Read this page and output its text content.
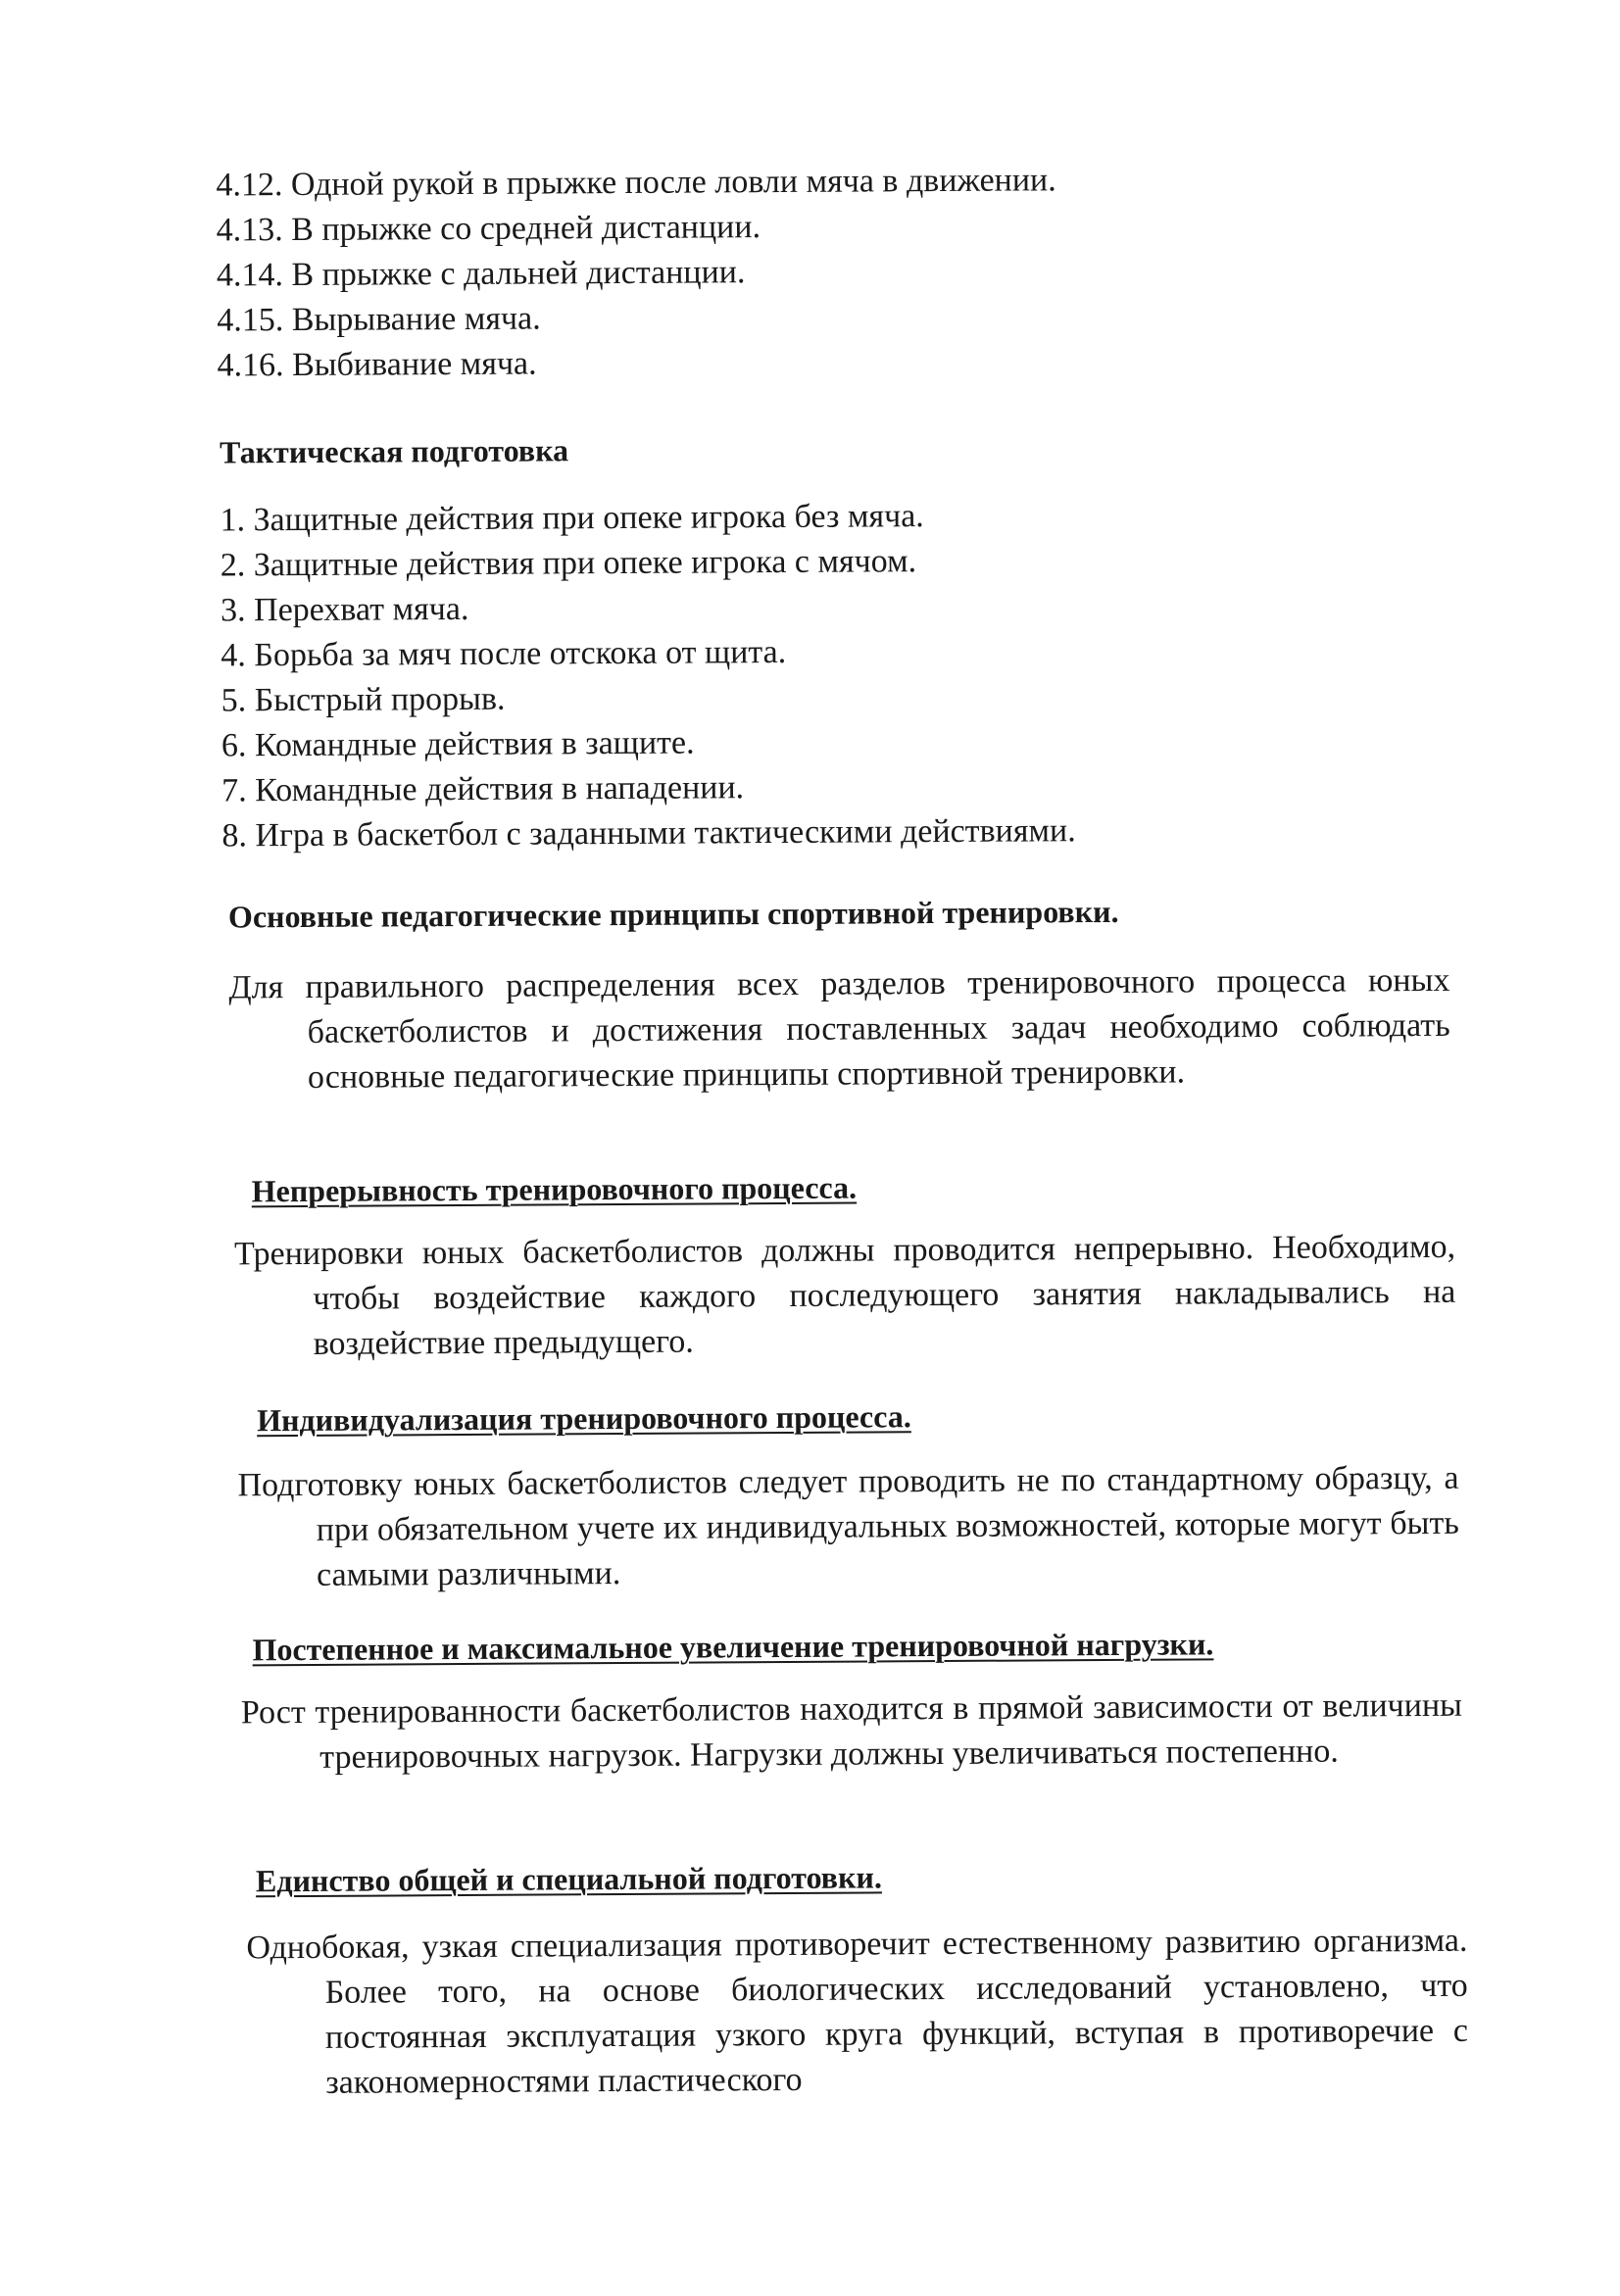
4.12. Одной рукой в прыжке после ловли мяча в движении.
4.13. В прыжке со средней дистанции.
4.14. В прыжке с дальней дистанции.
4.15. Вырывание мяча.
4.16. Выбивание мяча.
Тактическая подготовка
1. Защитные действия при опеке игрока без мяча.
2. Защитные действия при опеке игрока с мячом.
3. Перехват мяча.
4. Борьба за мяч после отскока от щита.
5. Быстрый прорыв.
6. Командные действия в защите.
7. Командные действия в нападении.
8. Игра в баскетбол с заданными тактическими действиями.
Основные педагогические принципы спортивной тренировки.

Для правильного распределения всех разделов тренировочного процесса юных баскетболистов и достижения поставленных задач необходимо соблюдать основные педагогические принципы спортивной тренировки.

Непрерывность тренировочного процесса.

Тренировки юных баскетболистов должны проводится непрерывно. Необходимо, чтобы воздействие каждого последующего занятия накладывались на воздействие предыдущего.

Индивидуализация тренировочного процесса.

Подготовку юных баскетболистов следует проводить не по стандартному образцу, а при обязательном учете их индивидуальных возможностей, которые могут быть самыми различными.

Постепенное и максимальное увеличение тренировочной нагрузки.

Рост тренированности баскетболистов находится в прямой зависимости от величины тренировочных нагрузок. Нагрузки должны увеличиваться постепенно.

Единство общей и специальной подготовки.

Однобокая, узкая специализация противоречит естественному развитию организма. Более того, на основе биологических исследований установлено, что постоянная эксплуатация узкого круга функций, вступая в противоречие с закономерностями пластического
